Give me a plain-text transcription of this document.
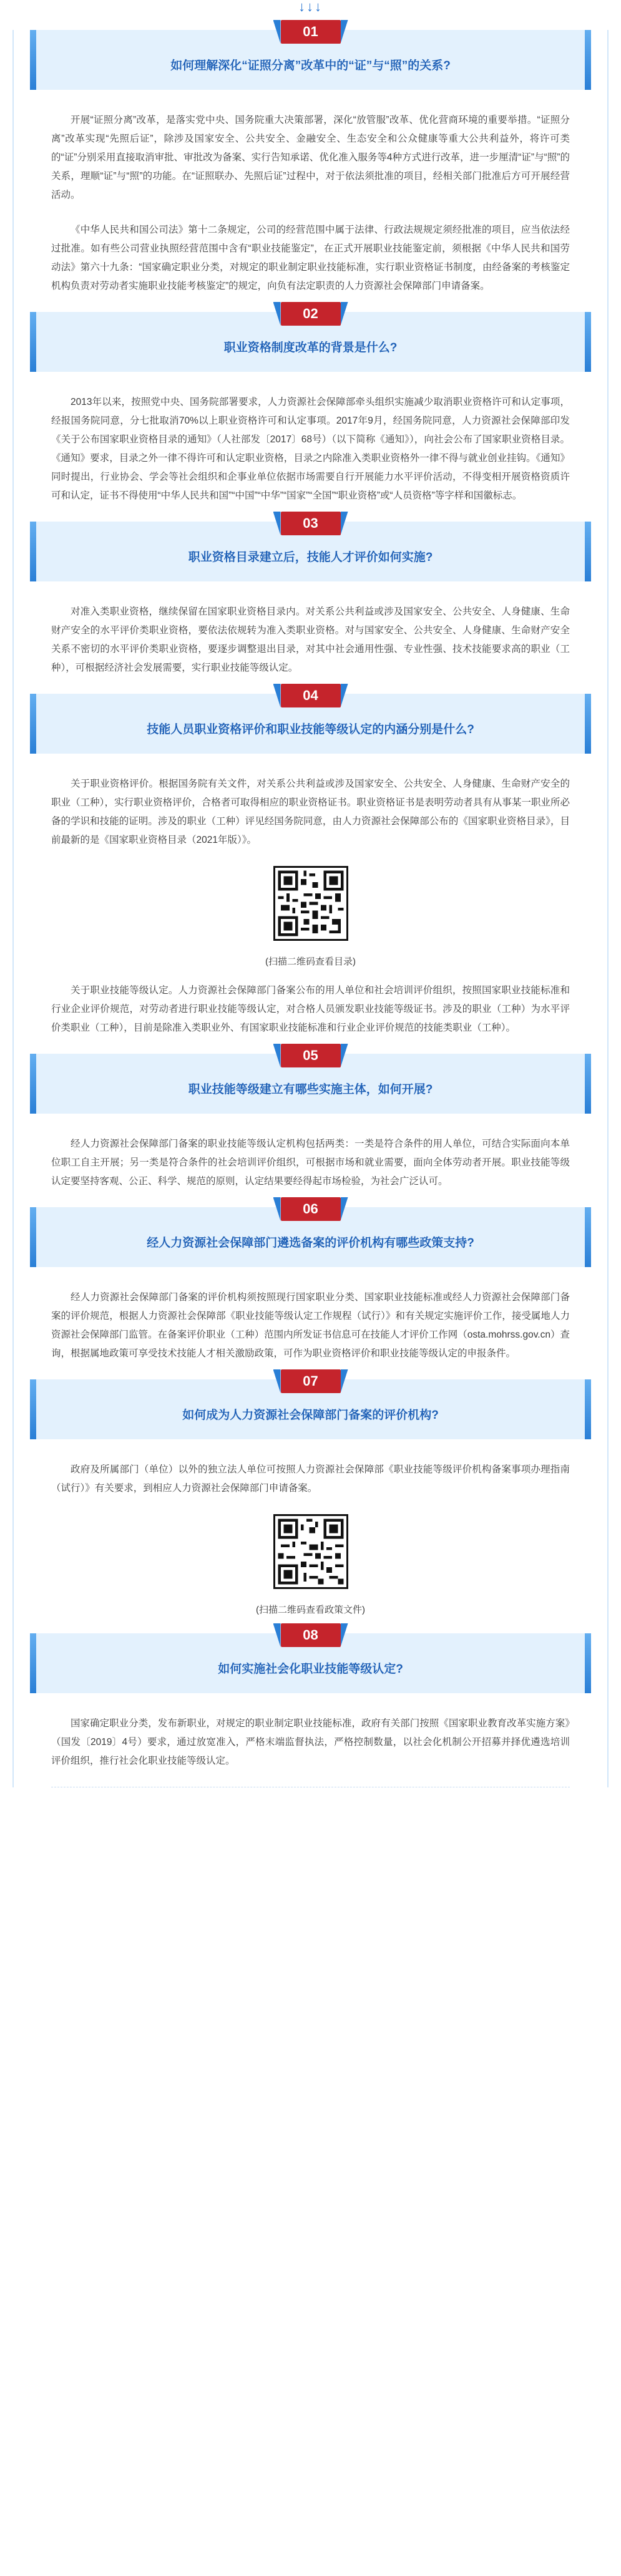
↓↓↓
01
如何理解深化“证照分离”改革中的“证”与“照”的关系?

开展“证照分离”改革，是落实党中央、国务院重大决策部署，深化“放管服”改革、优化营商环境的重要举措。“证照分离”改革实现“先照后证”，除涉及国家安全、公共安全、金融安全、生态安全和公众健康等重大公共利益外，将许可类的“证”分别采用直接取消审批、审批改为备案、实行告知承诺、优化准入服务等4种方式进行改革，进一步厘清“证”与“照”的关系，理顺“证”与“照”的功能。在“证照联办、先照后证”过程中，对于依法须批准的项目，经相关部门批准后方可开展经营活动。

《中华人民共和国公司法》第十二条规定，公司的经营范围中属于法律、行政法规规定须经批准的项目，应当依法经过批准。如有些公司营业执照经营范围中含有“职业技能鉴定”，在正式开展职业技能鉴定前，须根据《中华人民共和国劳动法》第六十九条：“国家确定职业分类，对规定的职业制定职业技能标准，实行职业资格证书制度，由经备案的考核鉴定机构负责对劳动者实施职业技能考核鉴定”的规定，向负有法定职责的人力资源社会保障部门申请备案。

02
职业资格制度改革的背景是什么?

2013年以来，按照党中央、国务院部署要求，人力资源社会保障部牵头组织实施减少取消职业资格许可和认定事项，经报国务院同意，分七批取消70%以上职业资格许可和认定事项。2017年9月，经国务院同意，人力资源社会保障部印发《关于公布国家职业资格目录的通知》（人社部发〔2017〕68号）（以下简称《通知》），向社会公布了国家职业资格目录。《通知》要求，目录之外一律不得许可和认定职业资格，目录之内除准入类职业资格外一律不得与就业创业挂钩。《通知》同时提出，行业协会、学会等社会组织和企事业单位依据市场需要自行开展能力水平评价活动，不得变相开展资格资质许可和认定，证书不得使用“中华人民共和国”“中国”“中华”“国家”“全国”“职业资格”或“人员资格”等字样和国徽标志。

03
职业资格目录建立后，技能人才评价如何实施?

对准入类职业资格，继续保留在国家职业资格目录内。对关系公共利益或涉及国家安全、公共安全、人身健康、生命财产安全的水平评价类职业资格，要依法依规转为准入类职业资格。对与国家安全、公共安全、人身健康、生命财产安全关系不密切的水平评价类职业资格，要逐步调整退出目录，对其中社会通用性强、专业性强、技术技能要求高的职业（工种），可根据经济社会发展需要，实行职业技能等级认定。

04
技能人员职业资格评价和职业技能等级认定的内涵分别是什么?

关于职业资格评价。根据国务院有关文件，对关系公共利益或涉及国家安全、公共安全、人身健康、生命财产安全的职业（工种），实行职业资格评价，合格者可取得相应的职业资格证书。职业资格证书是表明劳动者具有从事某一职业所必备的学识和技能的证明。涉及的职业（工种）评见经国务院同意，由人力资源社会保障部公布的《国家职业资格目录》，目前最新的是《国家职业资格目录（2021年版）》。

(扫描二维码查看目录)

关于职业技能等级认定。人力资源社会保障部门备案公布的用人单位和社会培训评价组织，按照国家职业技能标准和行业企业评价规范，对劳动者进行职业技能等级认定，对合格人员颁发职业技能等级证书。涉及的职业（工种）为水平评价类职业（工种），目前是除准入类职业外、有国家职业技能标准和行业企业评价规范的技能类职业（工种）。

05
职业技能等级建立有哪些实施主体，如何开展?

经人力资源社会保障部门备案的职业技能等级认定机构包括两类：一类是符合条件的用人单位，可结合实际面向本单位职工自主开展；另一类是符合条件的社会培训评价组织，可根据市场和就业需要，面向全体劳动者开展。职业技能等级认定要坚持客观、公正、科学、规范的原则，认定结果要经得起市场检验，为社会广泛认可。

06
经人力资源社会保障部门遴选备案的评价机构有哪些政策支持?

经人力资源社会保障部门备案的评价机构须按照现行国家职业分类、国家职业技能标准或经人力资源社会保障部门备案的评价规范，根据人力资源社会保障部《职业技能等级认定工作规程（试行）》和有关规定实施评价工作，接受属地人力资源社会保障部门监管。在备案评价职业（工种）范围内所发证书信息可在技能人才评价工作网（osta.mohrss.gov.cn）查询，根据属地政策可享受技术技能人才相关激励政策，可作为职业资格评价和职业技能等级认定的申报条件。

07
如何成为人力资源社会保障部门备案的评价机构?

政府及所属部门（单位）以外的独立法人单位可按照人力资源社会保障部《职业技能等级评价机构备案事项办理指南（试行）》有关要求，到相应人力资源社会保障部门申请备案。

(扫描二维码查看政策文件)
08
如何实施社会化职业技能等级认定?

国家确定职业分类，发布新职业，对规定的职业制定职业技能标准，政府有关部门按照《国家职业教育改革实施方案》（国发〔2019〕4号）要求，通过放宽准入，严格末端监督执法，严格控制数量，以社会化机制公开招募并择优遴选培训评价组织，推行社会化职业技能等级认定。
